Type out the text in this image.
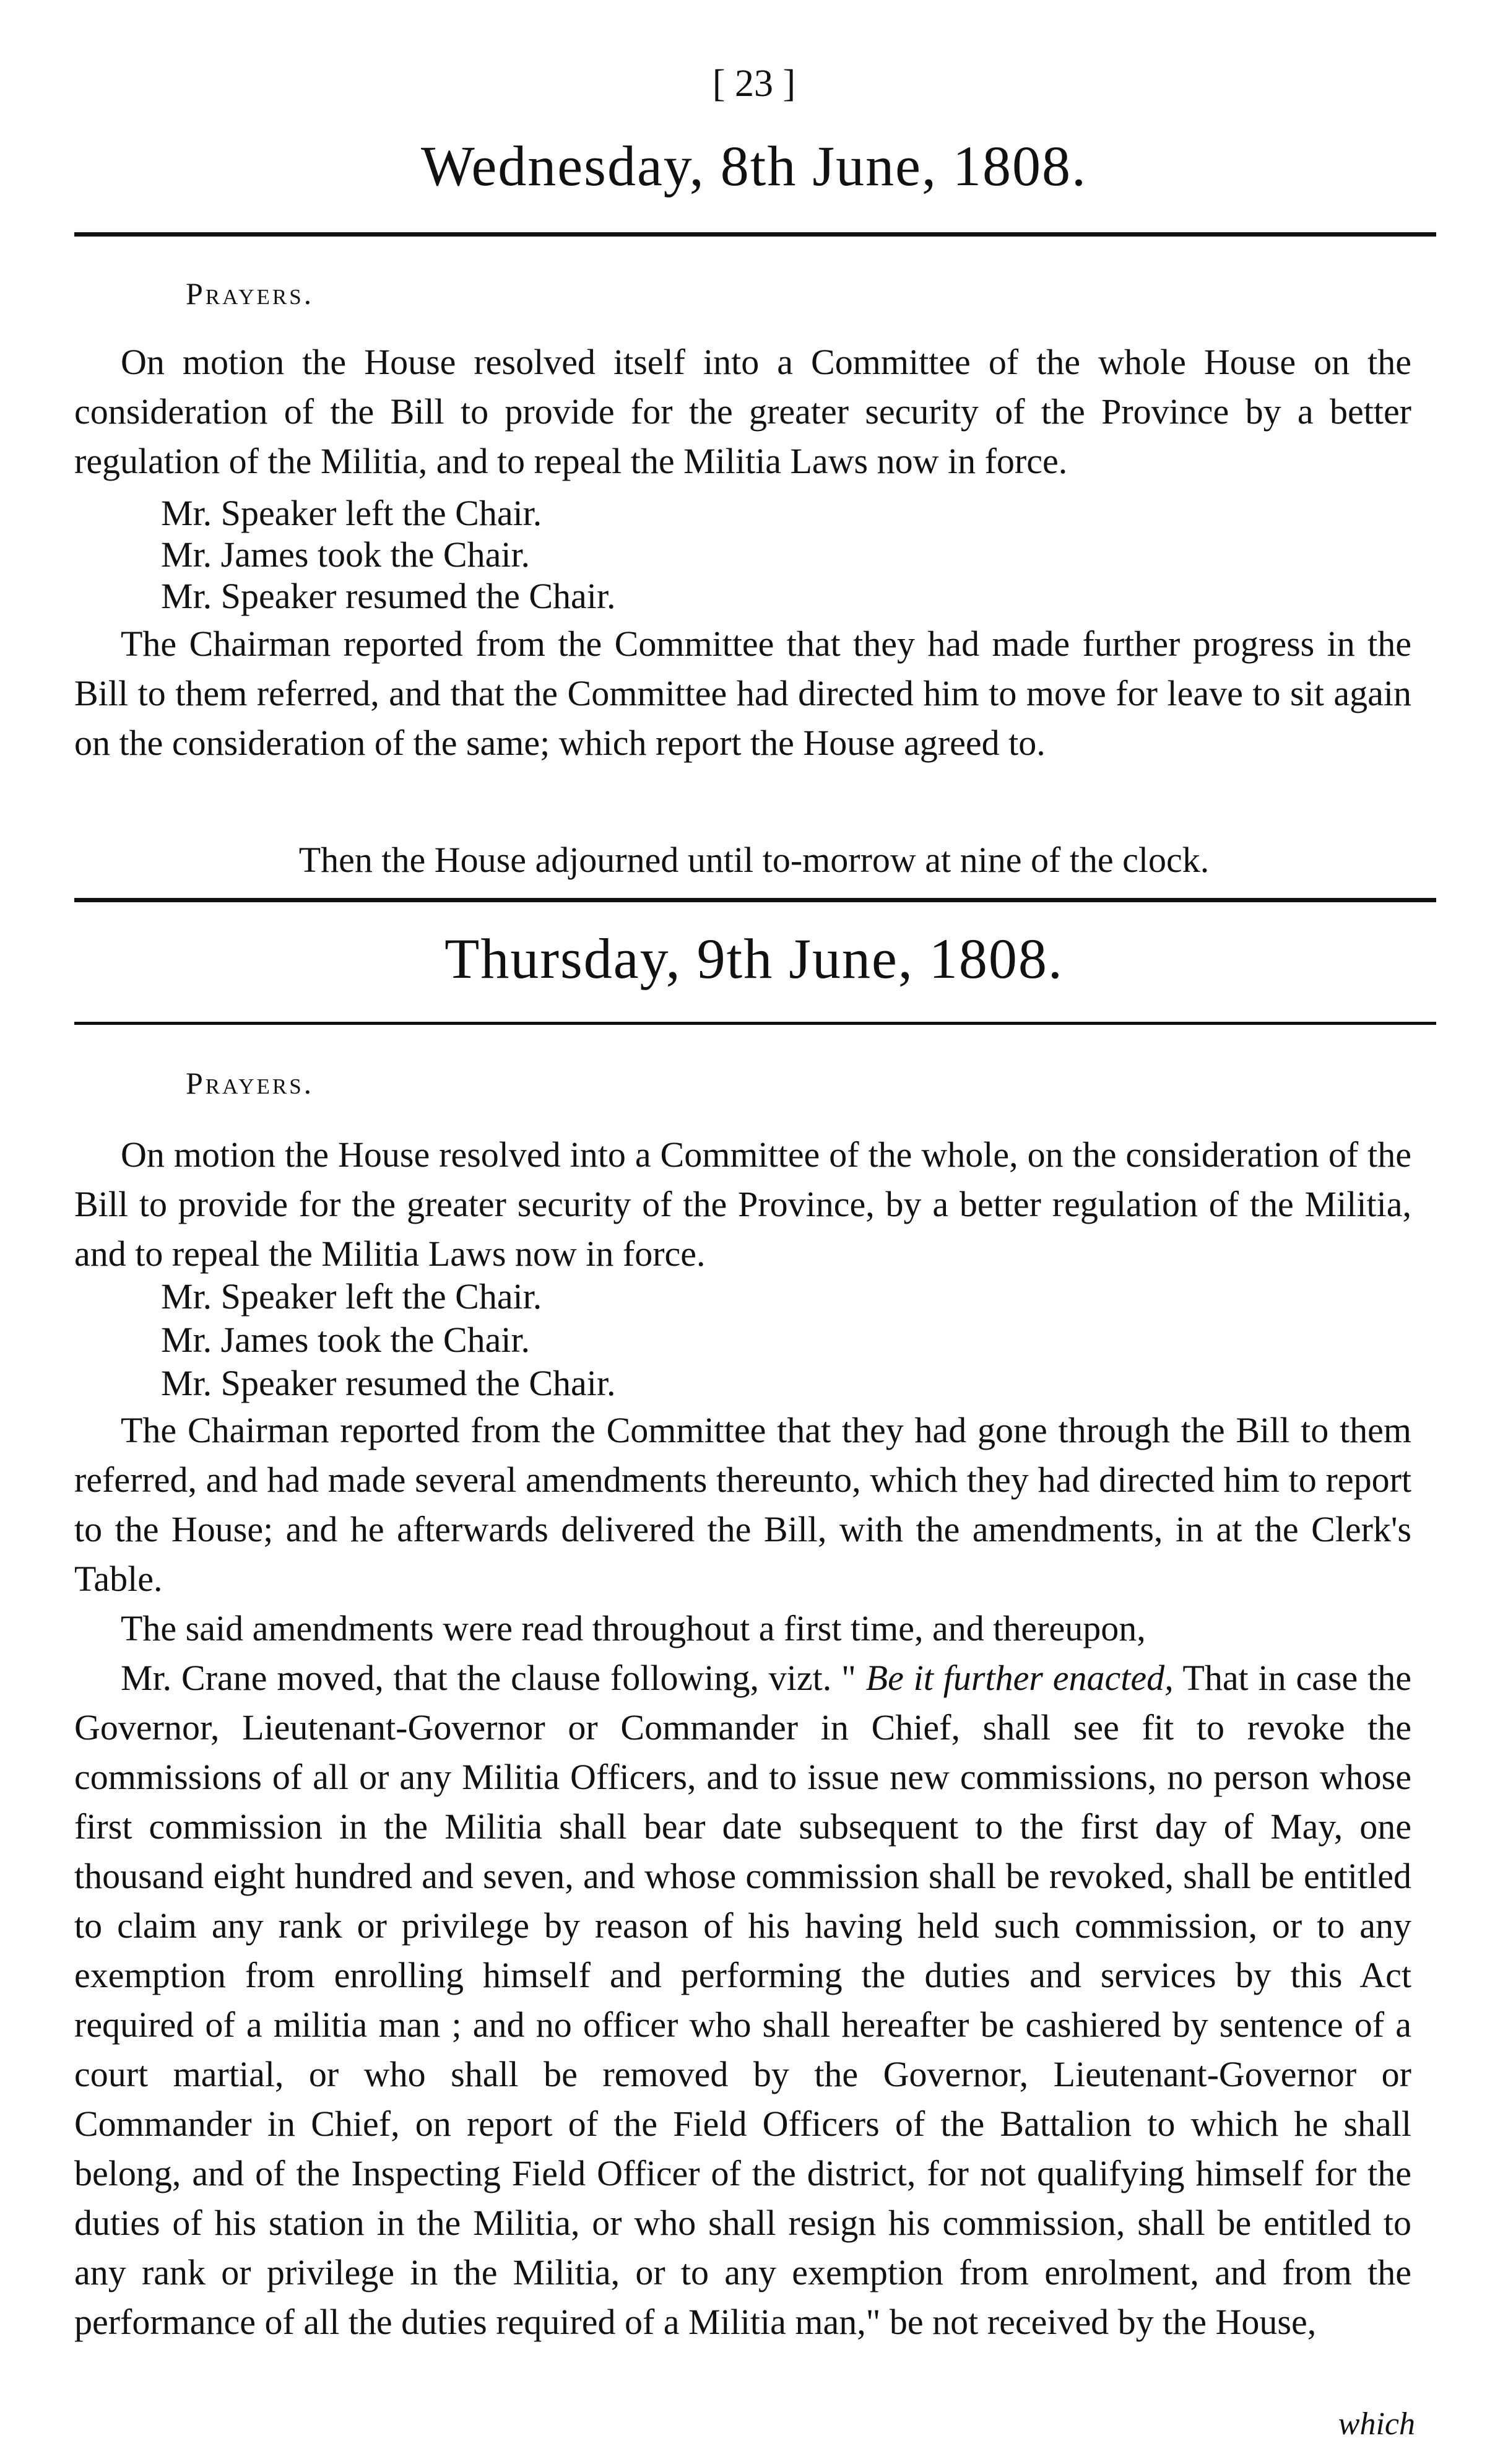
[ 23 ]
Wednesday, 8th June, 1808.
Prayers.
On motion the House resolved itself into a Committee of the whole House on the consideration of the Bill to provide for the greater security of the Province by a better regulation of the Militia, and to repeal the Militia Laws now in force.
Mr. Speaker left the Chair.
Mr. James took the Chair.
Mr. Speaker resumed the Chair.
The Chairman reported from the Committee that they had made further progress in the Bill to them referred, and that the Committee had directed him to move for leave to sit again on the consideration of the same; which report the House agreed to.
Then the House adjourned until to-morrow at nine of the clock.
Thursday, 9th June, 1808.
Prayers.
On motion the House resolved into a Committee of the whole, on the consideration of the Bill to provide for the greater security of the Province, by a better regulation of the Militia, and to repeal the Militia Laws now in force.
Mr. Speaker left the Chair.
Mr. James took the Chair.
Mr. Speaker resumed the Chair.
The Chairman reported from the Committee that they had gone through the Bill to them referred, and had made several amendments thereunto, which they had directed him to report to the House; and he afterwards delivered the Bill, with the amendments, in at the Clerk's Table.
The said amendments were read throughout a first time, and thereupon,
Mr. Crane moved, that the clause following, vizt. " Be it further enacted, That in case the Governor, Lieutenant-Governor or Commander in Chief, shall see fit to revoke the commissions of all or any Militia Officers, and to issue new commissions, no person whose first commission in the Militia shall bear date subsequent to the first day of May, one thousand eight hundred and seven, and whose commission shall be revoked, shall be entitled to claim any rank or privilege by reason of his having held such commission, or to any exemption from enrolling himself and performing the duties and services by this Act required of a militia man ; and no officer who shall hereafter be cashiered by sentence of a court martial, or who shall be removed by the Governor, Lieutenant-Governor or Commander in Chief, on report of the Field Officers of the Battalion to which he shall belong, and of the Inspecting Field Officer of the district, for not qualifying himself for the duties of his station in the Militia, or who shall resign his commission, shall be entitled to any rank or privilege in the Militia, or to any exemption from enrolment, and from the performance of all the duties required of a Militia man," be not received by the House,
which
